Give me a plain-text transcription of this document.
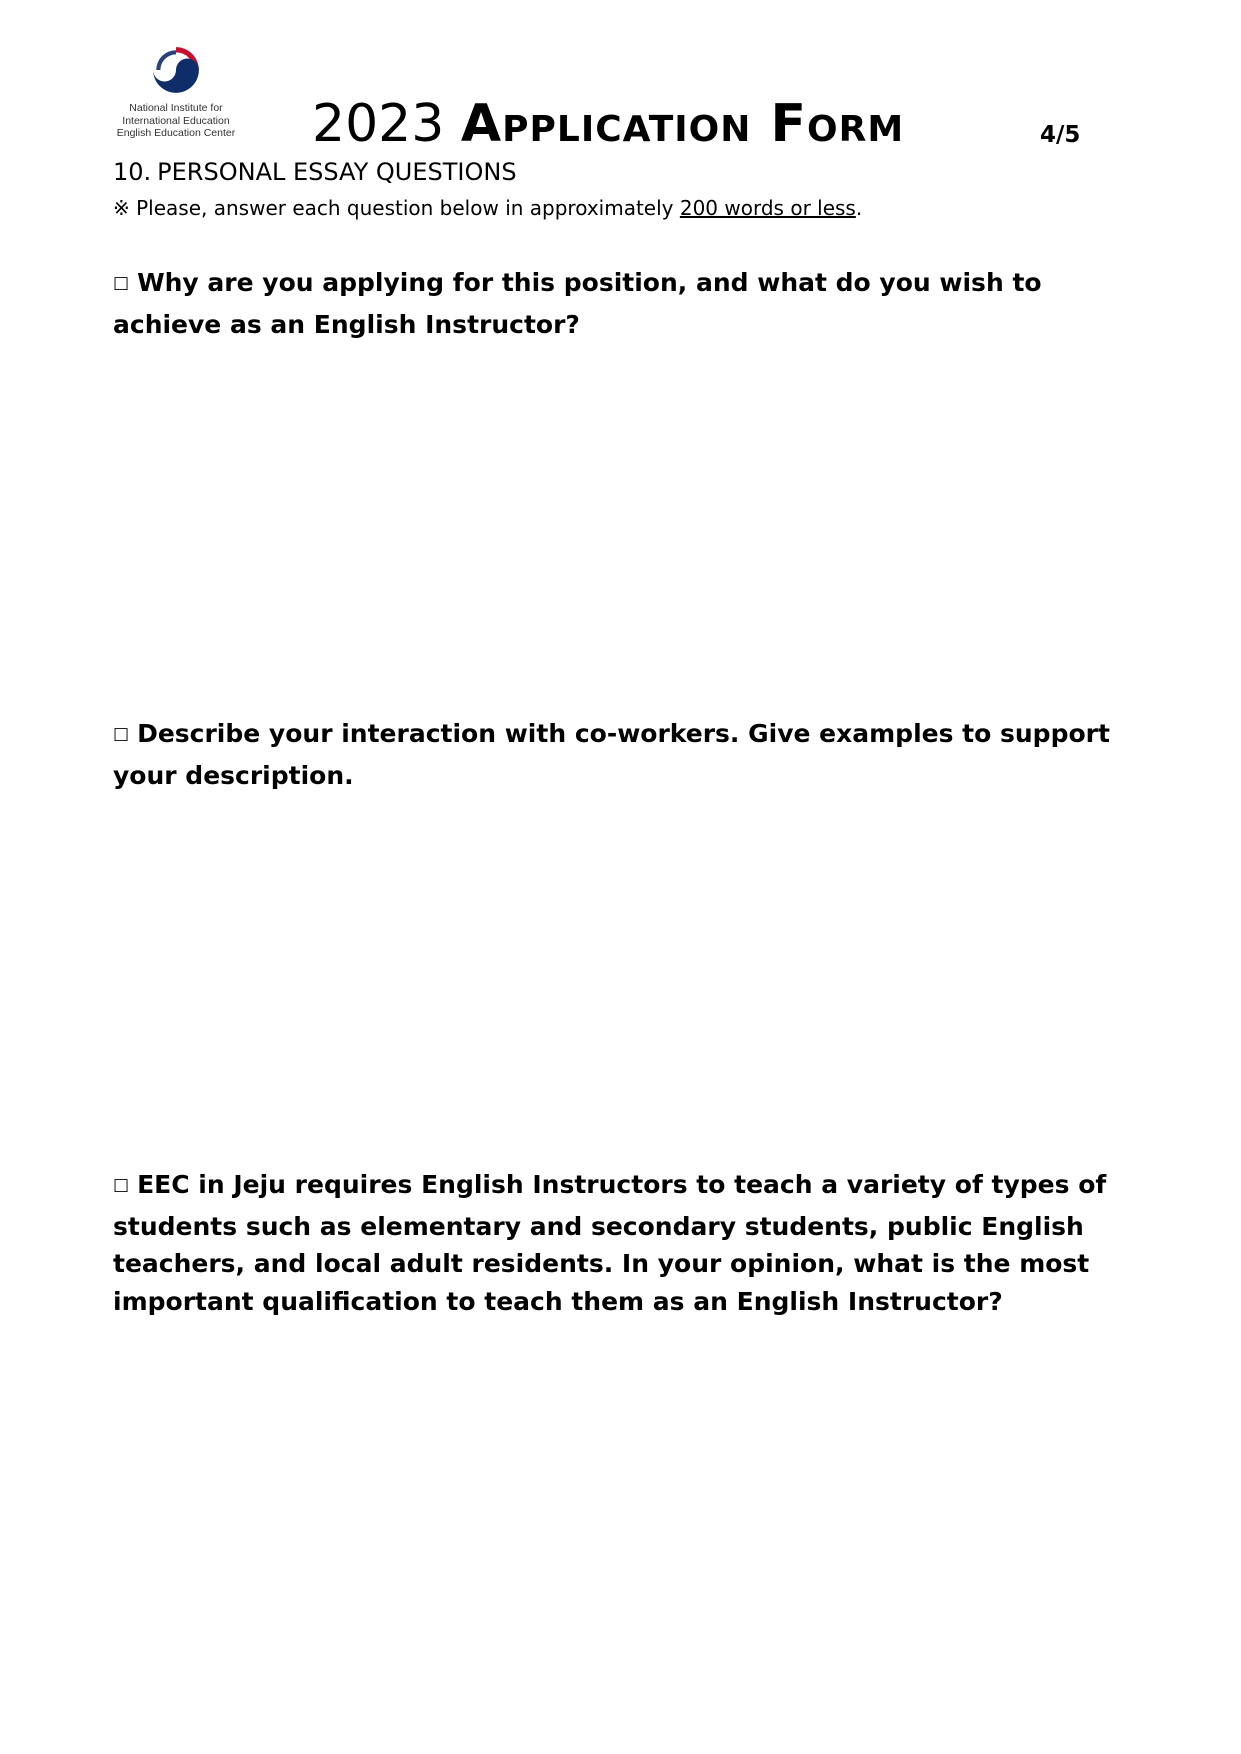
National Institute for
International Education
English Education Center 2023 Application Form	4/5
10. PERSONAL ESSAY QUESTIONS
※ Please, answer each question below in approximately 200 words or less.
□ Why are you applying for this position, and what do you wish to achieve as an English Instructor?
□ Describe your interaction with co-workers. Give examples to support your description.
□ EEC in Jeju requires English Instructors to teach a variety of types of students such as elementary and secondary students, public English teachers, and local adult residents. In your opinion, what is the most important qualification to teach them as an English Instructor?
